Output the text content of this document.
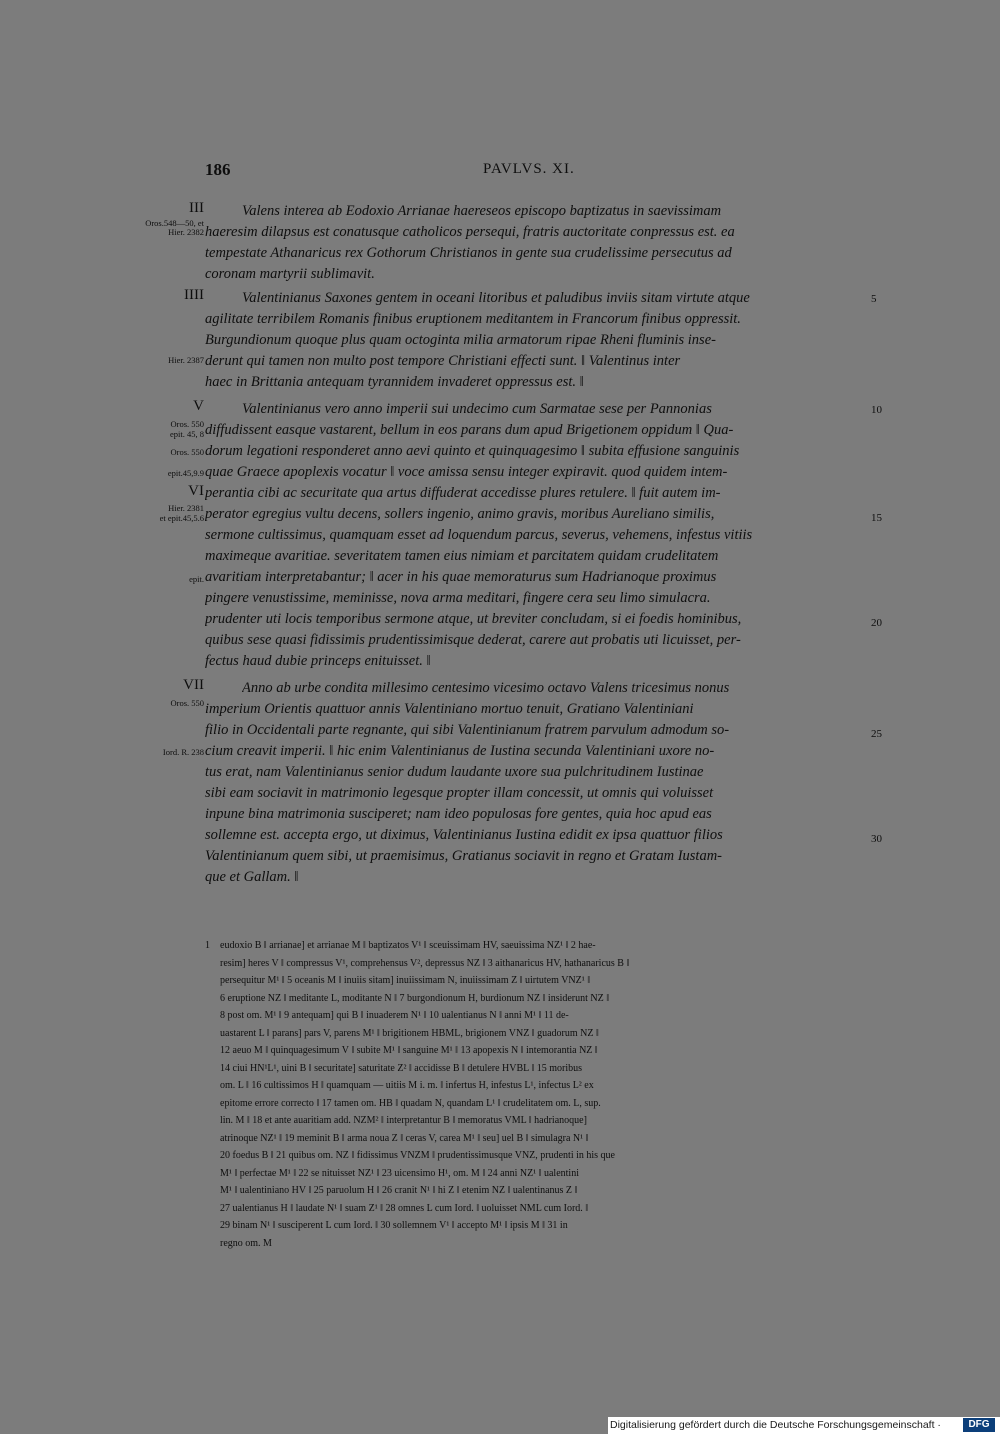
186	PAVLVS. XI.
III
Oros.548—50, et Hier. 2382
Valens interea ab Eodoxio Arrianae haereseos episcopo baptizatus in saevissimam
haeresim dilapsus est conatusque catholicos persequi, fratris auctoritate conpressus est. ea
tempestate Athanaricus rex Gothorum Christianos in gente sua crudelissime persecutus ad
coronam martyrii sublimavit.
IIII
Hier. 2387
5
Valentinianus Saxones gentem in oceani litoribus et paludibus inviis sitam virtute atque
agilitate terribilem Romanis finibus eruptionem meditantem in Francorum finibus oppressit.
Burgundionum quoque plus quam octoginta milia armatorum ripae Rheni fluminis inse-
derunt qui tamen non multo post tempore Christiani effecti sunt. ‖ Valentinus inter
haec in Brittania antequam tyrannidem invaderet oppressus est. ‖
V
Oros. 550
epit. 45, 8
Oros. 550
epit.45,9.9
10
Valentinianus vero anno imperii sui undecimo cum Sarmatae sese per Pannonias
diffudissent easque vastarent, bellum in eos parans dum apud Brigetionem oppidum ‖ Qua-
dorum legationi responderet anno aevi quinto et quinquagesimo ‖ subita effusione sanguinis
quae Graece apoplexis vocatur ‖ voce amissa sensu integer expiravit. quod quidem intem-
perantia cibi ac securitate qua artus diffuderat accedisse plures retulere. ‖ fuit autem im-
VI
Hier. 2381
et epit.45,5.6
epit.
15
20
perator egregius vultu decens, sollers ingenio, animo gravis, moribus Aureliano similis,
sermone cultissimus, quamquam esset ad loquendum parcus, severus, vehemens, infestus vitiis
maximeque avaritiae. severitatem tamen eius nimiam et parcitatem quidam crudelitatem
avaritiam interpretabantur; ‖ acer in his quae memoraturus sum Hadrianoque proximus
pingere venustissime, meminisse, nova arma meditari, fingere cera seu limo simulacra.
prudenter uti locis temporibus sermone atque, ut breviter concludam, si ei foedis hominibus,
quibus sese quasi fidissimis prudentissimisque dederat, carere aut probatis uti licuisset, per-
fectus haud dubie princeps enituisset. ‖
VII
Oros. 550
Iord. R. 238
25
30
Anno ab urbe condita millesimo centesimo vicesimo octavo Valens tricesimus nonus
imperium Orientis quattuor annis Valentiniano mortuo tenuit, Gratiano Valentiniani
filio in Occidentali parte regnante, qui sibi Valentinianum fratrem parvulum admodum so-
cium creavit imperii. ‖ hic enim Valentinianus de Iustina secunda Valentiniani uxore no-
tus erat, nam Valentinianus senior dudum laudante uxore sua pulchritudinem Iustinae
sibi eam sociavit in matrimonio legesque propter illam concessit, ut omnis qui voluisset
inpune bina matrimonia susciperet; nam ideo populosas fore gentes, quia hoc apud eas
sollemne est. accepta ergo, ut diximus, Valentinianus Iustina edidit ex ipsa quattuor filios
Valentinianum quem sibi, ut praemisimus, Gratianus sociavit in regno et Gratam Iustam-
que et Gallam. ‖
1 eudoxio B ‖ arrianae] et arrianae M ‖ baptizatos V¹ ‖ sceuissimam HV, saeuissima NZ¹ ‖ 2 hae-
resim] heres V ‖ compressus V¹, comprehensus V², depressus NZ ‖ 3 aithanaricus HV, hathanaricus B ‖
persequitur M¹ ‖ 5 oceanis M ‖ inuiis sitam] inuiissimam N, inuiissimam Z ‖ uirtutem VNZ¹ ‖
6 eruptione NZ ‖ meditante L, moditante N ‖ 7 burgondionum H, burdionum NZ ‖ insiderunt NZ ‖
8 post om. M¹ ‖ 9 antequam] qui B ‖ inuaderem N¹ ‖ 10 ualentianus N ‖ anni M¹ ‖ 11 de-
uastarent L ‖ parans] pars V, parens M¹ ‖ brigitionem HBML, brigionem VNZ ‖ guadorum NZ ‖
12 aeuo M ‖ quinquagesimum V ‖ subite M¹ ‖ sanguine M¹ ‖ 13 apopexis N ‖ intemorantia NZ ‖
14 ciui HN¹L¹, uini B ‖ securitate] saturitate Z² ‖ accidisse B ‖ detulere HVBL ‖ 15 moribus
om. L ‖ 16 cultissimos H ‖ quamquam — uitiis M i. m. ‖ infertus H, infestus L¹, infectus L² ex
epitome errore correcto ‖ 17 tamen om. HB ‖ quadam N, quandam L¹ ‖ crudelitatem om. L, sup.
lin. M ‖ 18 et ante auaritiam add. NZM² ‖ interpretantur B ‖ memoratus VML ‖ hadrianoque]
atrinoque NZ¹ ‖ 19 meminit B ‖ arma noua Z ‖ ceras V, carea M¹ ‖ seu] uel B ‖ simulagra N¹ ‖
20 foedus B ‖ 21 quibus om. NZ ‖ fidissimus VNZM ‖ prudentissimusque VNZ, prudenti in his que
M¹ ‖ perfectae M¹ ‖ 22 se nituisset NZ¹ ‖ 23 uicensimo H¹, om. M ‖ 24 anni NZ¹ ‖ ualentini
M¹ ‖ ualentiniano HV ‖ 25 paruolum H ‖ 26 cranit N¹ ‖ hi Z ‖ etenim NZ ‖ ualentinanus Z ‖
27 ualentianus H ‖ laudate N¹ ‖ suam Z¹ ‖ 28 omnes L cum Iord. ‖ uoluisset NML cum Iord. ‖
29 binam N¹ ‖ susciperent L cum Iord. ‖ 30 sollemnem V¹ ‖ accepto M¹ ‖ ipsis M ‖ 31 in
regno om. M
Digitalisierung gefördert durch die Deutsche Forschungsgemeinschaft ·	DFG
